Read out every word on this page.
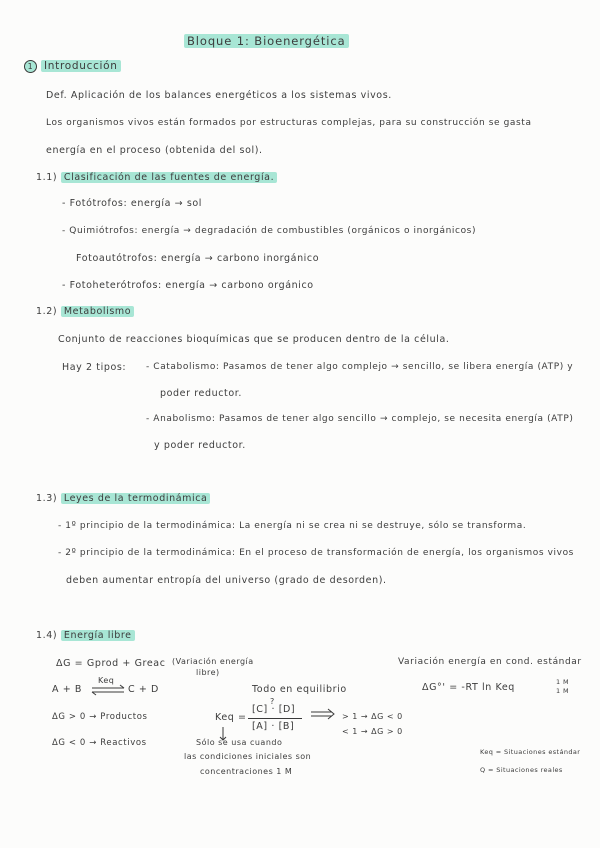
Bloque 1: Bioenergética
1 Introducción
Def. Aplicación de los balances energéticos a los sistemas vivos.
Los organismos vivos están formados por estructuras complejas, para su construcción se gasta
energía en el proceso (obtenida del sol).
1.1) Clasificación de las fuentes de energía.
- Fotótrofos: energía → sol
- Quimiótrofos: energía → degradación de combustibles (orgánicos o inorgánicos)
Fotoautótrofos: energía → carbono inorgánico
- Fotoheterótrofos: energía → carbono orgánico
1.2) Metabolismo
Conjunto de reacciones bioquímicas que se producen dentro de la célula.
Hay 2 tipos: - Catabolismo: Pasamos de tener algo complejo → sencillo, se libera energía (ATP) y
poder reductor.
- Anabolismo: Pasamos de tener algo sencillo → complejo, se necesita energía (ATP)
y poder reductor.
1.3) Leyes de la termodinámica
- 1º principio de la termodinámica: La energía ni se crea ni se destruye, sólo se transforma.
- 2º principio de la termodinámica: En el proceso de transformación de energía, los organismos vivos
deben aumentar entropía del universo (grado de desorden).
1.4) Energía libre
ΔG = Gprod + Greac (Variación energía
libre)
A + B
Keq
⇌ C + D	Todo en equilibrio
?
ΔG > 0 → Productos
ΔG < 0 → Reactivos
Keq =
[C] · [D]
[A] · [B]
> 1 → ΔG < 0
< 1 → ΔG > 0
Sólo se usa cuando
las condiciones iniciales son
concentraciones 1 M
Variación energía en cond. estándar
ΔG°' = -RT ln Keq	1 M
1 M
Keq = Situaciones estándar
Q = Situaciones reales
